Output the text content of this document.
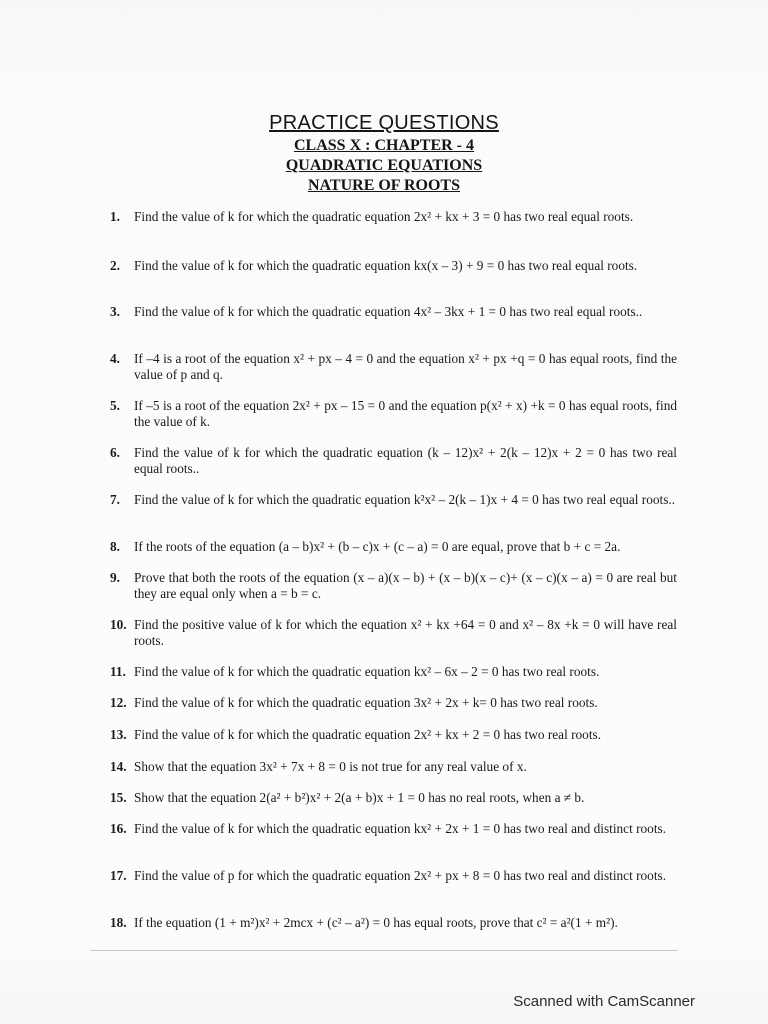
PRACTICE QUESTIONS
CLASS X : CHAPTER - 4
QUADRATIC EQUATIONS
NATURE OF ROOTS
1. Find the value of k for which the quadratic equation 2x² + kx + 3 = 0 has two real equal roots.
2. Find the value of k for which the quadratic equation kx(x – 3) + 9 = 0 has two real equal roots.
3. Find the value of k for which the quadratic equation 4x² – 3kx + 1 = 0 has two real equal roots..
4. If –4 is a root of the equation x² + px – 4 = 0 and the equation x² + px +q = 0 has equal roots, find the value of p and q.
5. If –5 is a root of the equation 2x² + px – 15 = 0 and the equation p(x² + x) +k = 0 has equal roots, find the value of k.
6. Find the value of k for which the quadratic equation (k – 12)x² + 2(k – 12)x + 2 = 0 has two real equal roots..
7. Find the value of k for which the quadratic equation k²x² – 2(k – 1)x + 4 = 0 has two real equal roots..
8. If the roots of the equation (a – b)x² + (b – c)x + (c – a) = 0 are equal, prove that b + c = 2a.
9. Prove that both the roots of the equation (x – a)(x – b) + (x – b)(x – c)+ (x – c)(x – a) = 0 are real but they are equal only when a = b = c.
10. Find the positive value of k for which the equation x² + kx +64 = 0 and x² – 8x +k = 0 will have real roots.
11. Find the value of k for which the quadratic equation kx² – 6x – 2 = 0 has two real roots.
12. Find the value of k for which the quadratic equation 3x² + 2x + k= 0 has two real roots.
13. Find the value of k for which the quadratic equation 2x² + kx + 2 = 0 has two real roots.
14. Show that the equation 3x² + 7x + 8 = 0 is not true for any real value of x.
15. Show that the equation 2(a² + b²)x² + 2(a + b)x + 1 = 0 has no real roots, when a ≠ b.
16. Find the value of k for which the quadratic equation kx² + 2x + 1 = 0 has two real and distinct roots.
17. Find the value of p for which the quadratic equation 2x² + px + 8 = 0 has two real and distinct roots.
18. If the equation (1 + m²)x² + 2mcx + (c² – a²) = 0 has equal roots, prove that c² = a²(1 + m²).
Scanned with CamScanner
